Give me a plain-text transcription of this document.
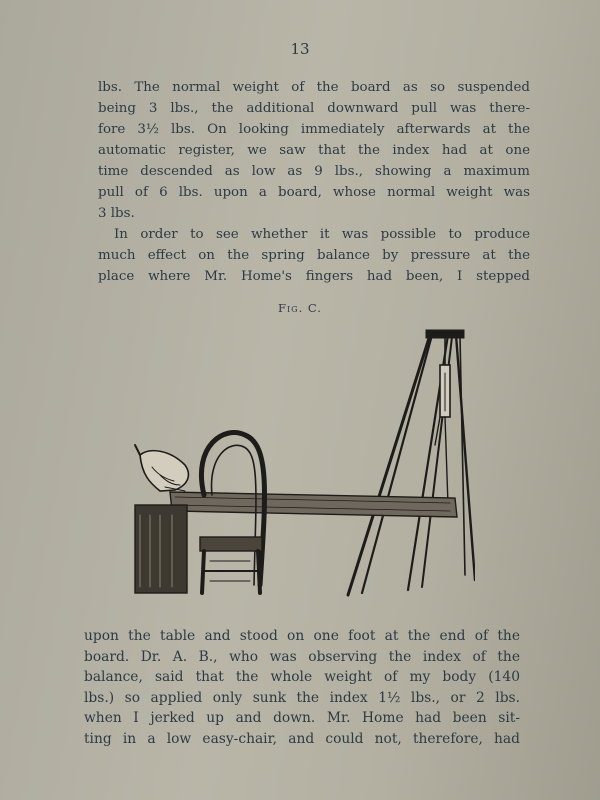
13
lbs. The normal weight of the board as so suspended
being 3 lbs., the additional downward pull was there-
fore 3½ lbs. On looking immediately afterwards at the
automatic register, we saw that the index had at one
time descended as low as 9 lbs., showing a maximum
pull of 6 lbs. upon a board, whose normal weight was
3 lbs.
In order to see whether it was possible to produce
much effect on the spring balance by pressure at the
place where Mr. Home's fingers had been, I stepped
Fig. C.
upon the table and stood on one foot at the end of the
board. Dr. A. B., who was observing the index of the
balance, said that the whole weight of my body (140
lbs.) so applied only sunk the index 1½ lbs., or 2 lbs.
when I jerked up and down. Mr. Home had been sit-
ting in a low easy-chair, and could not, therefore, had
